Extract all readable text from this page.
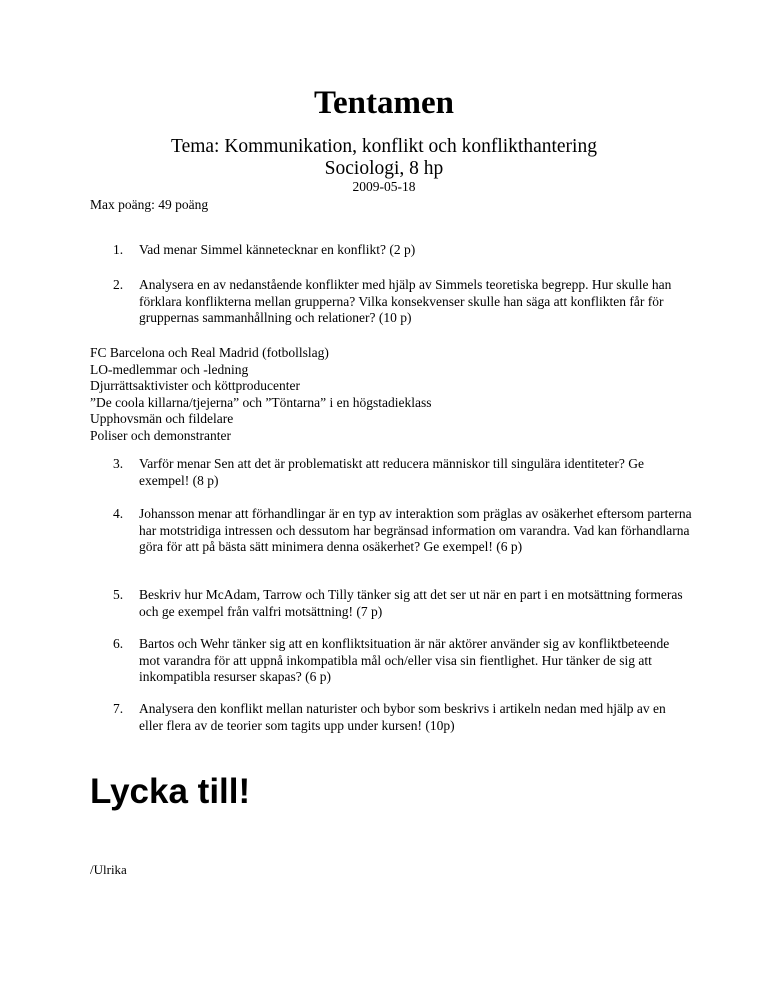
Tentamen
Tema: Kommunikation, konflikt och konflikthantering
Sociologi, 8 hp
2009-05-18
Max poäng: 49 poäng
1. Vad menar Simmel kännetecknar en konflikt? (2 p)
2. Analysera en av nedanstående konflikter med hjälp av Simmels teoretiska begrepp. Hur skulle han förklara konflikterna mellan grupperna? Vilka konsekvenser skulle han säga att konflikten får för gruppernas sammanhållning och relationer? (10 p)
FC Barcelona och Real Madrid (fotbollslag)
LO-medlemmar och -ledning
Djurrättsaktivister och köttproducenter
”De coola killarna/tjejerna” och ”Töntarna” i en högstadieklass
Upphovsmän och fildelare
Poliser och demonstranter
3. Varför menar Sen att det är problematiskt att reducera människor till singulära identiteter? Ge exempel! (8 p)
4. Johansson menar att förhandlingar är en typ av interaktion som präglas av osäkerhet eftersom parterna har motstridiga intressen och dessutom har begränsad information om varandra. Vad kan förhandlarna göra för att på bästa sätt minimera denna osäkerhet? Ge exempel! (6 p)
5. Beskriv hur McAdam, Tarrow och Tilly tänker sig att det ser ut när en part i en motsättning formeras och ge exempel från valfri motsättning! (7 p)
6. Bartos och Wehr tänker sig att en konfliktsituation är när aktörer använder sig av konfliktbeteende mot varandra för att uppnå inkompatibla mål och/eller visa sin fientlighet. Hur tänker de sig att inkompatibla resurser skapas? (6 p)
7. Analysera den konflikt mellan naturister och bybor som beskrivs i artikeln nedan med hjälp av en eller flera av de teorier som tagits upp under kursen! (10p)
Lycka till!
/Ulrika
